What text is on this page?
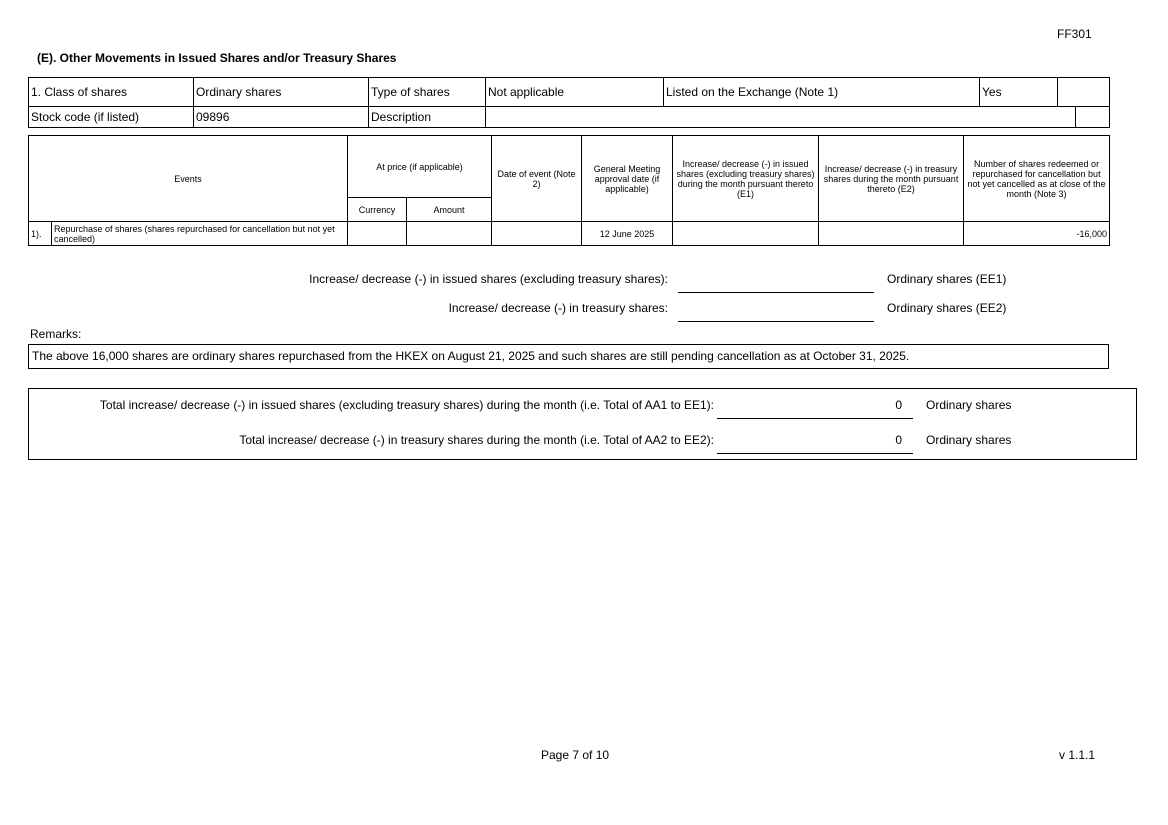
FF301
(E). Other Movements in Issued Shares and/or Treasury Shares
1. Class of shares	Ordinary shares	Type of shares	Not applicable	Listed on the Exchange (Note 1)	Yes		
Stock code (if listed)	09896	Description					
Events		At price (if applicable)		Date of event (Note 2)	General Meeting approval date (if applicable)	Increase/ decrease (-) in issued shares (excluding treasury shares) during the month pursuant thereto (E1)	Increase/ decrease (-) in treasury shares during the month pursuant thereto (E2)	Number of shares redeemed or repurchased for cancellation but not yet cancelled as at close of the month (Note 3)
		Currency	Amount					
1).	Repurchase of shares (shares repurchased for cancellation but not yet cancelled)				12 June 2025			-16,000
Increase/ decrease (-) in issued shares (excluding treasury shares):	Ordinary shares (EE1)
Increase/ decrease (-) in treasury shares:	Ordinary shares (EE2)
Remarks:
The above 16,000 shares are ordinary shares repurchased from the HKEX on August 21, 2025 and such shares are still pending cancellation as at October 31, 2025.
Total increase/ decrease (-) in issued shares (excluding treasury shares) during the month (i.e. Total of AA1 to EE1):	0 Ordinary shares
Total increase/ decrease (-) in treasury shares during the month (i.e. Total of AA2 to EE2):	0 Ordinary shares
Page 7 of 10	v 1.1.1
